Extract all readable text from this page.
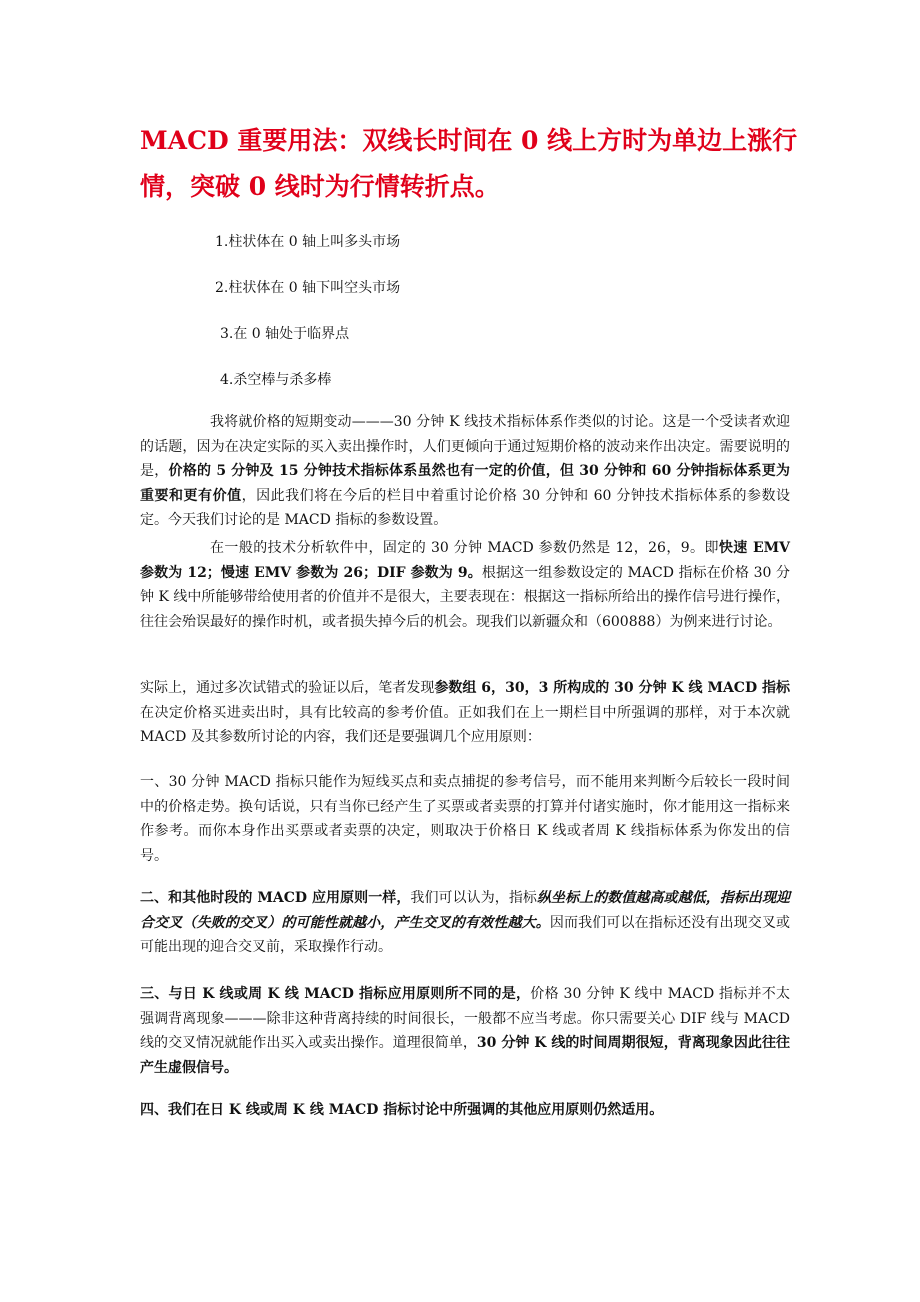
MACD 重要用法：双线长时间在 0 线上方时为单边上涨行情，突破 0 线时为行情转折点。
1.柱状体在 0 轴上叫多头市场
2.柱状体在 0 轴下叫空头市场
3.在 0 轴处于临界点
4.杀空棒与杀多棒

我将就价格的短期变动———30 分钟 K 线技术指标体系作类似的讨论。这是一个受读者欢迎的话题，因为在决定实际的买入卖出操作时，人们更倾向于通过短期价格的波动来作出决定。需要说明的是，价格的 5 分钟及 15 分钟技术指标体系虽然也有一定的价值，但 30 分钟和 60 分钟指标体系更为重要和更有价值，因此我们将在今后的栏目中着重讨论价格 30 分钟和 60 分钟技术指标体系的参数设定。今天我们讨论的是 MACD 指标的参数设置。

在一般的技术分析软件中，固定的 30 分钟 MACD 参数仍然是 12，26，9。即快速 EMV 参数为 12；慢速 EMV 参数为 26；DIF 参数为 9。根据这一组参数设定的 MACD 指标在价格 30 分钟 K 线中所能够带给使用者的价值并不是很大，主要表现在：根据这一指标所给出的操作信号进行操作，往往会殆误最好的操作时机，或者损失掉今后的机会。现我们以新疆众和（600888）为例来进行讨论。

实际上，通过多次试错式的验证以后，笔者发现参数组 6，30，3 所构成的 30 分钟 K 线 MACD 指标在决定价格买进卖出时，具有比较高的参考价值。正如我们在上一期栏目中所强调的那样，对于本次就 MACD 及其参数所讨论的内容，我们还是要强调几个应用原则：

一、30 分钟 MACD 指标只能作为短线买点和卖点捕捉的参考信号，而不能用来判断今后较长一段时间中的价格走势。换句话说，只有当你已经产生了买票或者卖票的打算并付诸实施时，你才能用这一指标来作参考。而你本身作出买票或者卖票的决定，则取决于价格日 K 线或者周 K 线指标体系为你发出的信号。

二、和其他时段的 MACD 应用原则一样，我们可以认为，指标纵坐标上的数值越高或越低，指标出现迎合交叉（失败的交叉）的可能性就越小，产生交叉的有效性越大。因而我们可以在指标还没有出现交叉或可能出现的迎合交叉前，采取操作行动。

三、与日 K 线或周 K 线 MACD 指标应用原则所不同的是，价格 30 分钟 K 线中 MACD 指标并不太强调背离现象———除非这种背离持续的时间很长，一般都不应当考虑。你只需要关心 DIF 线与 MACD 线的交叉情况就能作出买入或卖出操作。道理很简单，30 分钟 K 线的时间周期很短，背离现象因此往往产生虚假信号。

四、我们在日 K 线或周 K 线 MACD 指标讨论中所强调的其他应用原则仍然适用。
